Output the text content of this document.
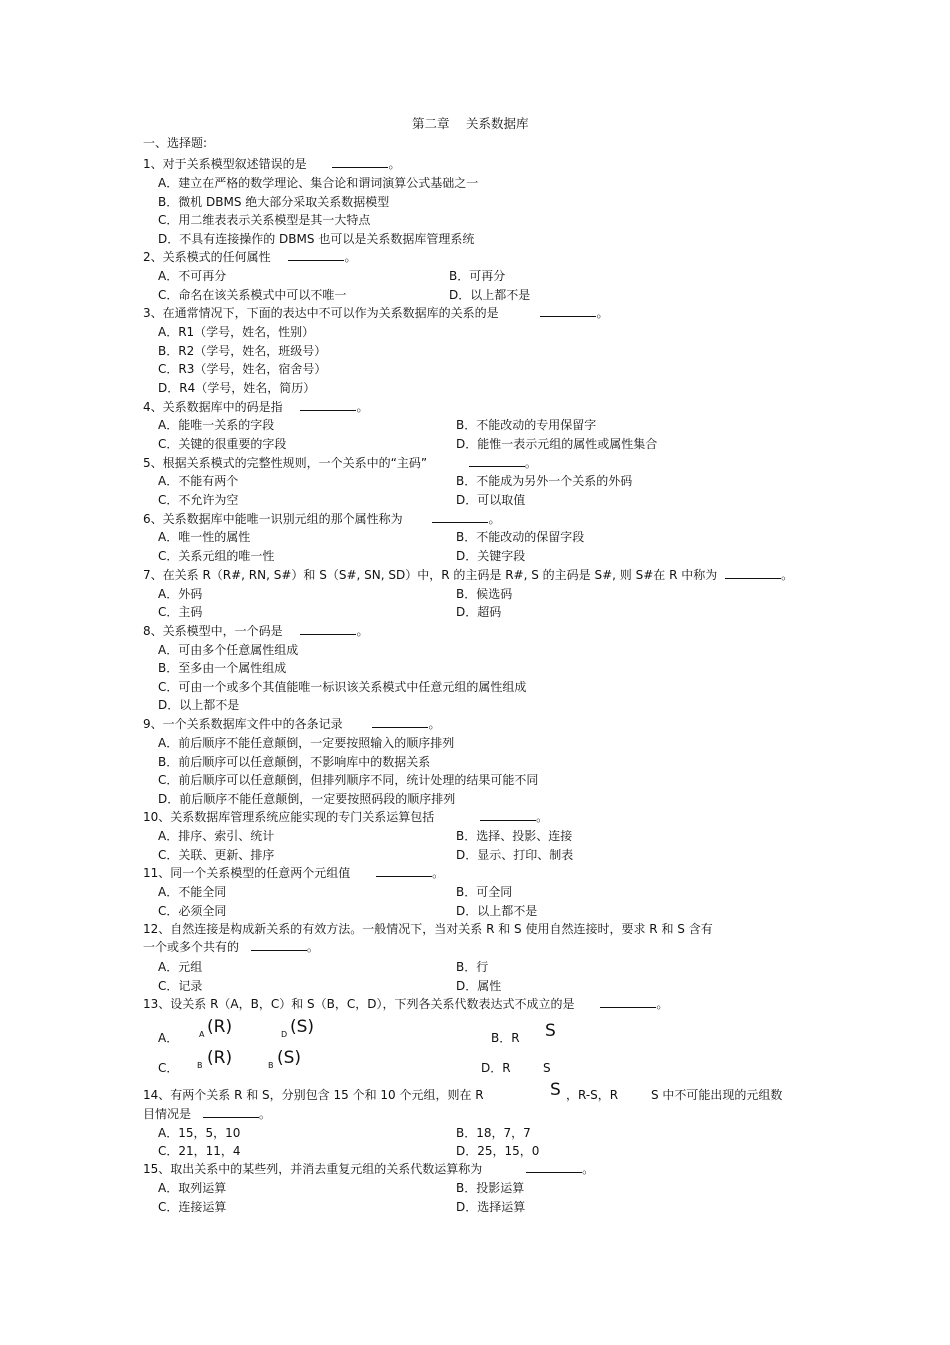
第二章　 关系数据库
一、选择题:
1、对于关系模型叙述错误的是	。
A．建立在严格的数学理论、集合论和谓词演算公式基础之一
B．微机 DBMS 绝大部分采取关系数据模型
C．用二维表表示关系模型是其一大特点
D．不具有连接操作的 DBMS 也可以是关系数据库管理系统
2、关系模式的任何属性	。
A．不可再分	B．可再分
C．命名在该关系模式中可以不唯一	D．以上都不是
3、在通常情况下，下面的表达中不可以作为关系数据库的关系的是	。
A．R1（学号，姓名，性别）
B．R2（学号，姓名，班级号）
C．R3（学号，姓名，宿舍号）
D．R4（学号，姓名，简历）
4、关系数据库中的码是指	。
A．能唯一关系的字段	B．不能改动的专用保留字
C．关键的很重要的字段	D．能惟一表示元组的属性或属性集合
5、根据关系模式的完整性规则，一个关系中的“主码”	。
A．不能有两个	B．不能成为另外一个关系的外码
C．不允许为空	D．可以取值
6、关系数据库中能唯一识别元组的那个属性称为	。
A．唯一性的属性	B．不能改动的保留字段
C．关系元组的唯一性	D．关键字段
7、在关系 R（R#, RN, S#）和 S（S#, SN, SD）中，R 的主码是 R#, S 的主码是 S#, 则 S#在 R 中称为	。
A．外码	B．候选码
C．主码	D．超码
8、关系模型中，一个码是	。
A．可由多个任意属性组成
B．至多由一个属性组成
C．可由一个或多个其值能唯一标识该关系模式中任意元组的属性组成
D．以上都不是
9、一个关系数据库文件中的各条记录	。
A．前后顺序不能任意颠倒，一定要按照输入的顺序排列
B．前后顺序可以任意颠倒，不影响库中的数据关系
C．前后顺序可以任意颠倒，但排列顺序不同，统计处理的结果可能不同
D．前后顺序不能任意颠倒，一定要按照码段的顺序排列
10、关系数据库管理系统应能实现的专门关系运算包括	。
A．排序、索引、统计	B．选择、投影、连接
C．关联、更新、排序	D．显示、打印、制表
11、同一个关系模型的任意两个元组值	。
A．不能全同	B．可全同
C．必须全同	D．以上都不是
12、自然连接是构成新关系的有效方法。一般情况下，当对关系 R 和 S 使用自然连接时，要求 R 和 S 含有
一个或多个共有的	。
A．元组	B．行
C．记录	D．属性
13、设关系 R（A，B，C）和 S（B，C，D），下列各关系代数表达式不成立的是	。
A．	A (R)	D (S)
B．R S
C． B (R)	B (S)	D．R	S
14、有两个关系 R 和 S，分别包含 15 个和 10 个元组，则在 R	S ，R-S，R	S 中不可能出现的元组数
目情况是	。
A．15，5，10	B．18，7，7
C．21，11，4	D．25，15，0
15、取出关系中的某些列，并消去重复元组的关系代数运算称为	。
A．取列运算	B．投影运算
C．连接运算	D．选择运算
